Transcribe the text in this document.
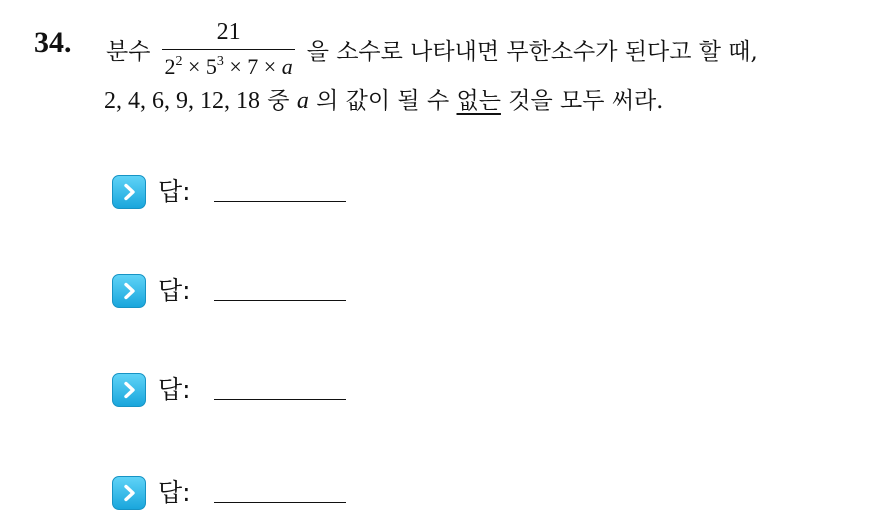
34. 분수 $\frac{21}{2^2 \times 5^3 \times 7 \times a}$ 을 소수로 나타내면 무한소수가 된다고 할 때,
2, 4, 6, 9, 12, 18 중 a 의 값이 될 수 없는 것을 모두 써라.
답:
답:
답:
답:
